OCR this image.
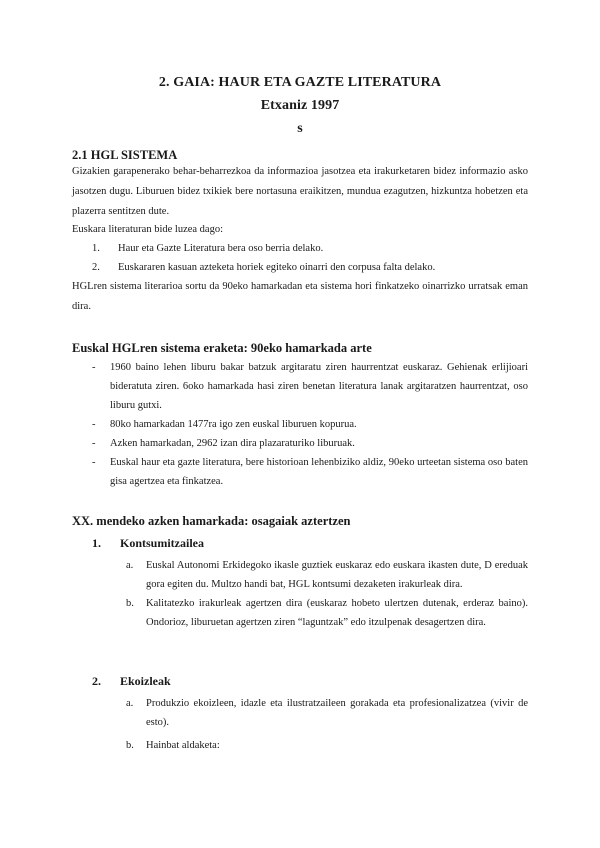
2. GAIA: HAUR ETA GAZTE LITERATURA
Etxaniz 1997
s
2.1 HGL SISTEMA
Gizakien garapenerako behar-beharrezkoa da informazioa jasotzea eta irakurketaren bidez informazio asko jasotzen dugu. Liburuen bidez txikiek bere nortasuna eraikitzen, mundua ezagutzen, hizkuntza hobetzen eta plazerra sentitzen dute.
Euskara literaturan bide luzea dago:
1. Haur eta Gazte Literatura bera oso berria delako.
2. Euskararen kasuan azteketa horiek egiteko oinarri den corpusa falta delako.
HGLren sistema literarioa sortu da 90eko hamarkadan eta sistema hori finkatzeko oinarrizko urratsak eman dira.
Euskal HGLren sistema eraketa: 90eko hamarkada arte
- 1960 baino lehen liburu bakar batzuk argitaratu ziren haurrentzat euskaraz. Gehienak erlijioari bideratuta ziren. 6oko hamarkada hasi ziren benetan literatura lanak argitaratzen haurrentzat, oso liburu gutxi.
- 80ko hamarkadan 1477ra igo zen euskal liburuen kopurua.
- Azken hamarkadan, 2962 izan dira plazaraturiko liburuak.
- Euskal haur eta gazte literatura, bere historioan lehenbiziko aldiz, 90eko urteetan sistema oso baten gisa agertzea eta finkatzea.
XX. mendeko azken hamarkada: osagaiak aztertzen
1. Kontsumitzailea
a. Euskal Autonomi Erkidegoko ikasle guztiek euskaraz edo euskara ikasten dute, D ereduak gora egiten du. Multzo handi bat, HGL kontsumi dezaketen irakurleak dira.
b. Kalitatezko irakurleak agertzen dira (euskaraz hobeto ulertzen dutenak, erderaz baino). Ondorioz, liburuetan agertzen ziren “laguntzak” edo itzulpenak desagertzen dira.
2. Ekoizleak
a. Produkzio ekoizleen, idazle eta ilustratzaileen gorakada eta profesionalizatzea (vivir de esto).
b. Hainbat aldaketa:
